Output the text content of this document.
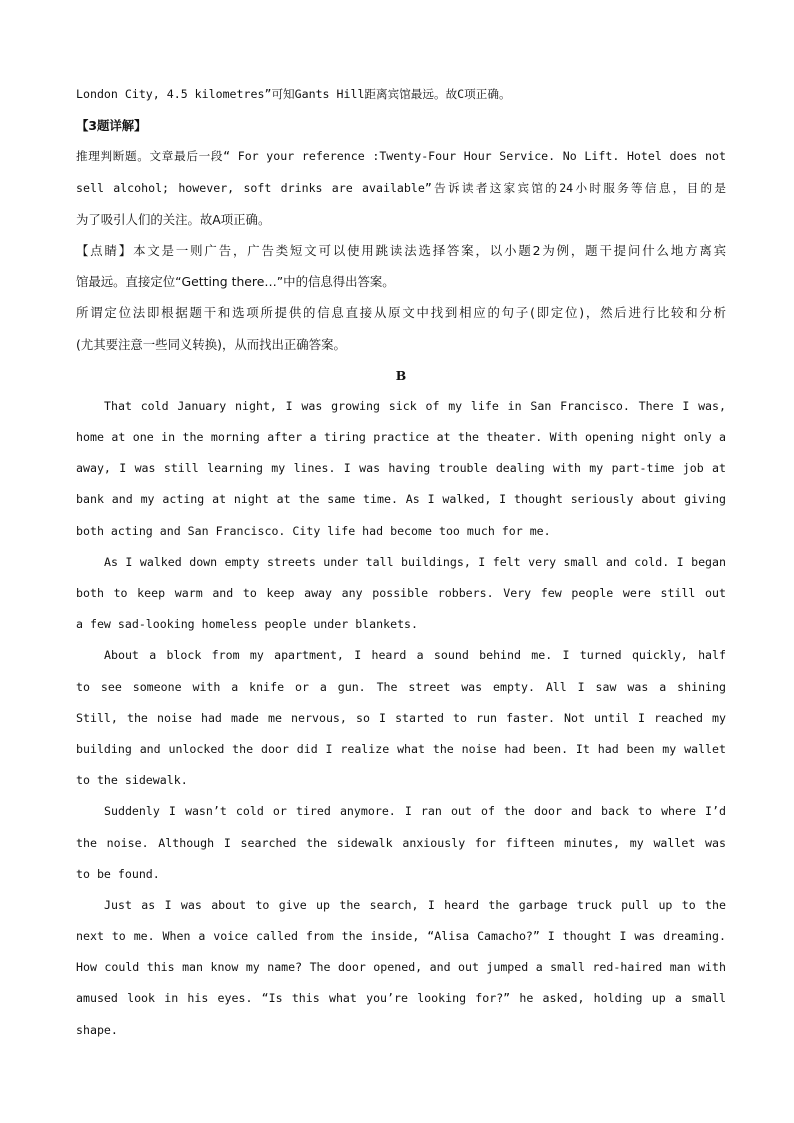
London City, 4.5 kilometres”可知Gants Hill距离宾馆最远。故C项正确。
【3题详解】
推理判断题。文章最后一段“ For your reference :Twenty-Four Hour Service. No Lift. Hotel does not
sell alcohol; however, soft drinks are available”告诉读者这家宾馆的24小时服务等信息，目的是
为了吸引人们的关注。故A项正确。
【点睛】本文是一则广告，广告类短文可以使用跳读法选择答案，以小题2为例，题干提问什么地方离宾
馆最远。直接定位“Getting there…”中的信息得出答案。
所谓定位法即根据题干和选项所提供的信息直接从原文中找到相应的句子(即定位)，然后进行比较和分析
(尤其要注意一些同义转换)，从而找出正确答案。
B
That cold January night, I was growing sick of my life in San Francisco. There I was,
home at one in the morning after a tiring practice at the theater. With opening night only a
away, I was still learning my lines. I was having trouble dealing with my part-time job at
bank and my acting at night at the same time. As I walked, I thought seriously about giving
both acting and San Francisco. City life had become too much for me.
As I walked down empty streets under tall buildings, I felt very small and cold. I began
both to keep warm and to keep away any possible robbers. Very few people were still out
a few sad-looking homeless people under blankets.
About a block from my apartment, I heard a sound behind me. I turned quickly, half
to see someone with a knife or a gun. The street was empty. All I saw was a shining
Still, the noise had made me nervous, so I started to run faster. Not until I reached my
building and unlocked the door did I realize what the noise had been. It had been my wallet
to the sidewalk.
Suddenly I wasn’t cold or tired anymore. I ran out of the door and back to where I’d
the noise. Although I searched the sidewalk anxiously for fifteen minutes, my wallet was
to be found.
Just as I was about to give up the search, I heard the garbage truck pull up to the
next to me. When a voice called from the inside, “Alisa Camacho?” I thought I was dreaming.
How could this man know my name? The door opened, and out jumped a small red-haired man with
amused look in his eyes. “Is this what you’re looking for?” he asked, holding up a small
shape.
